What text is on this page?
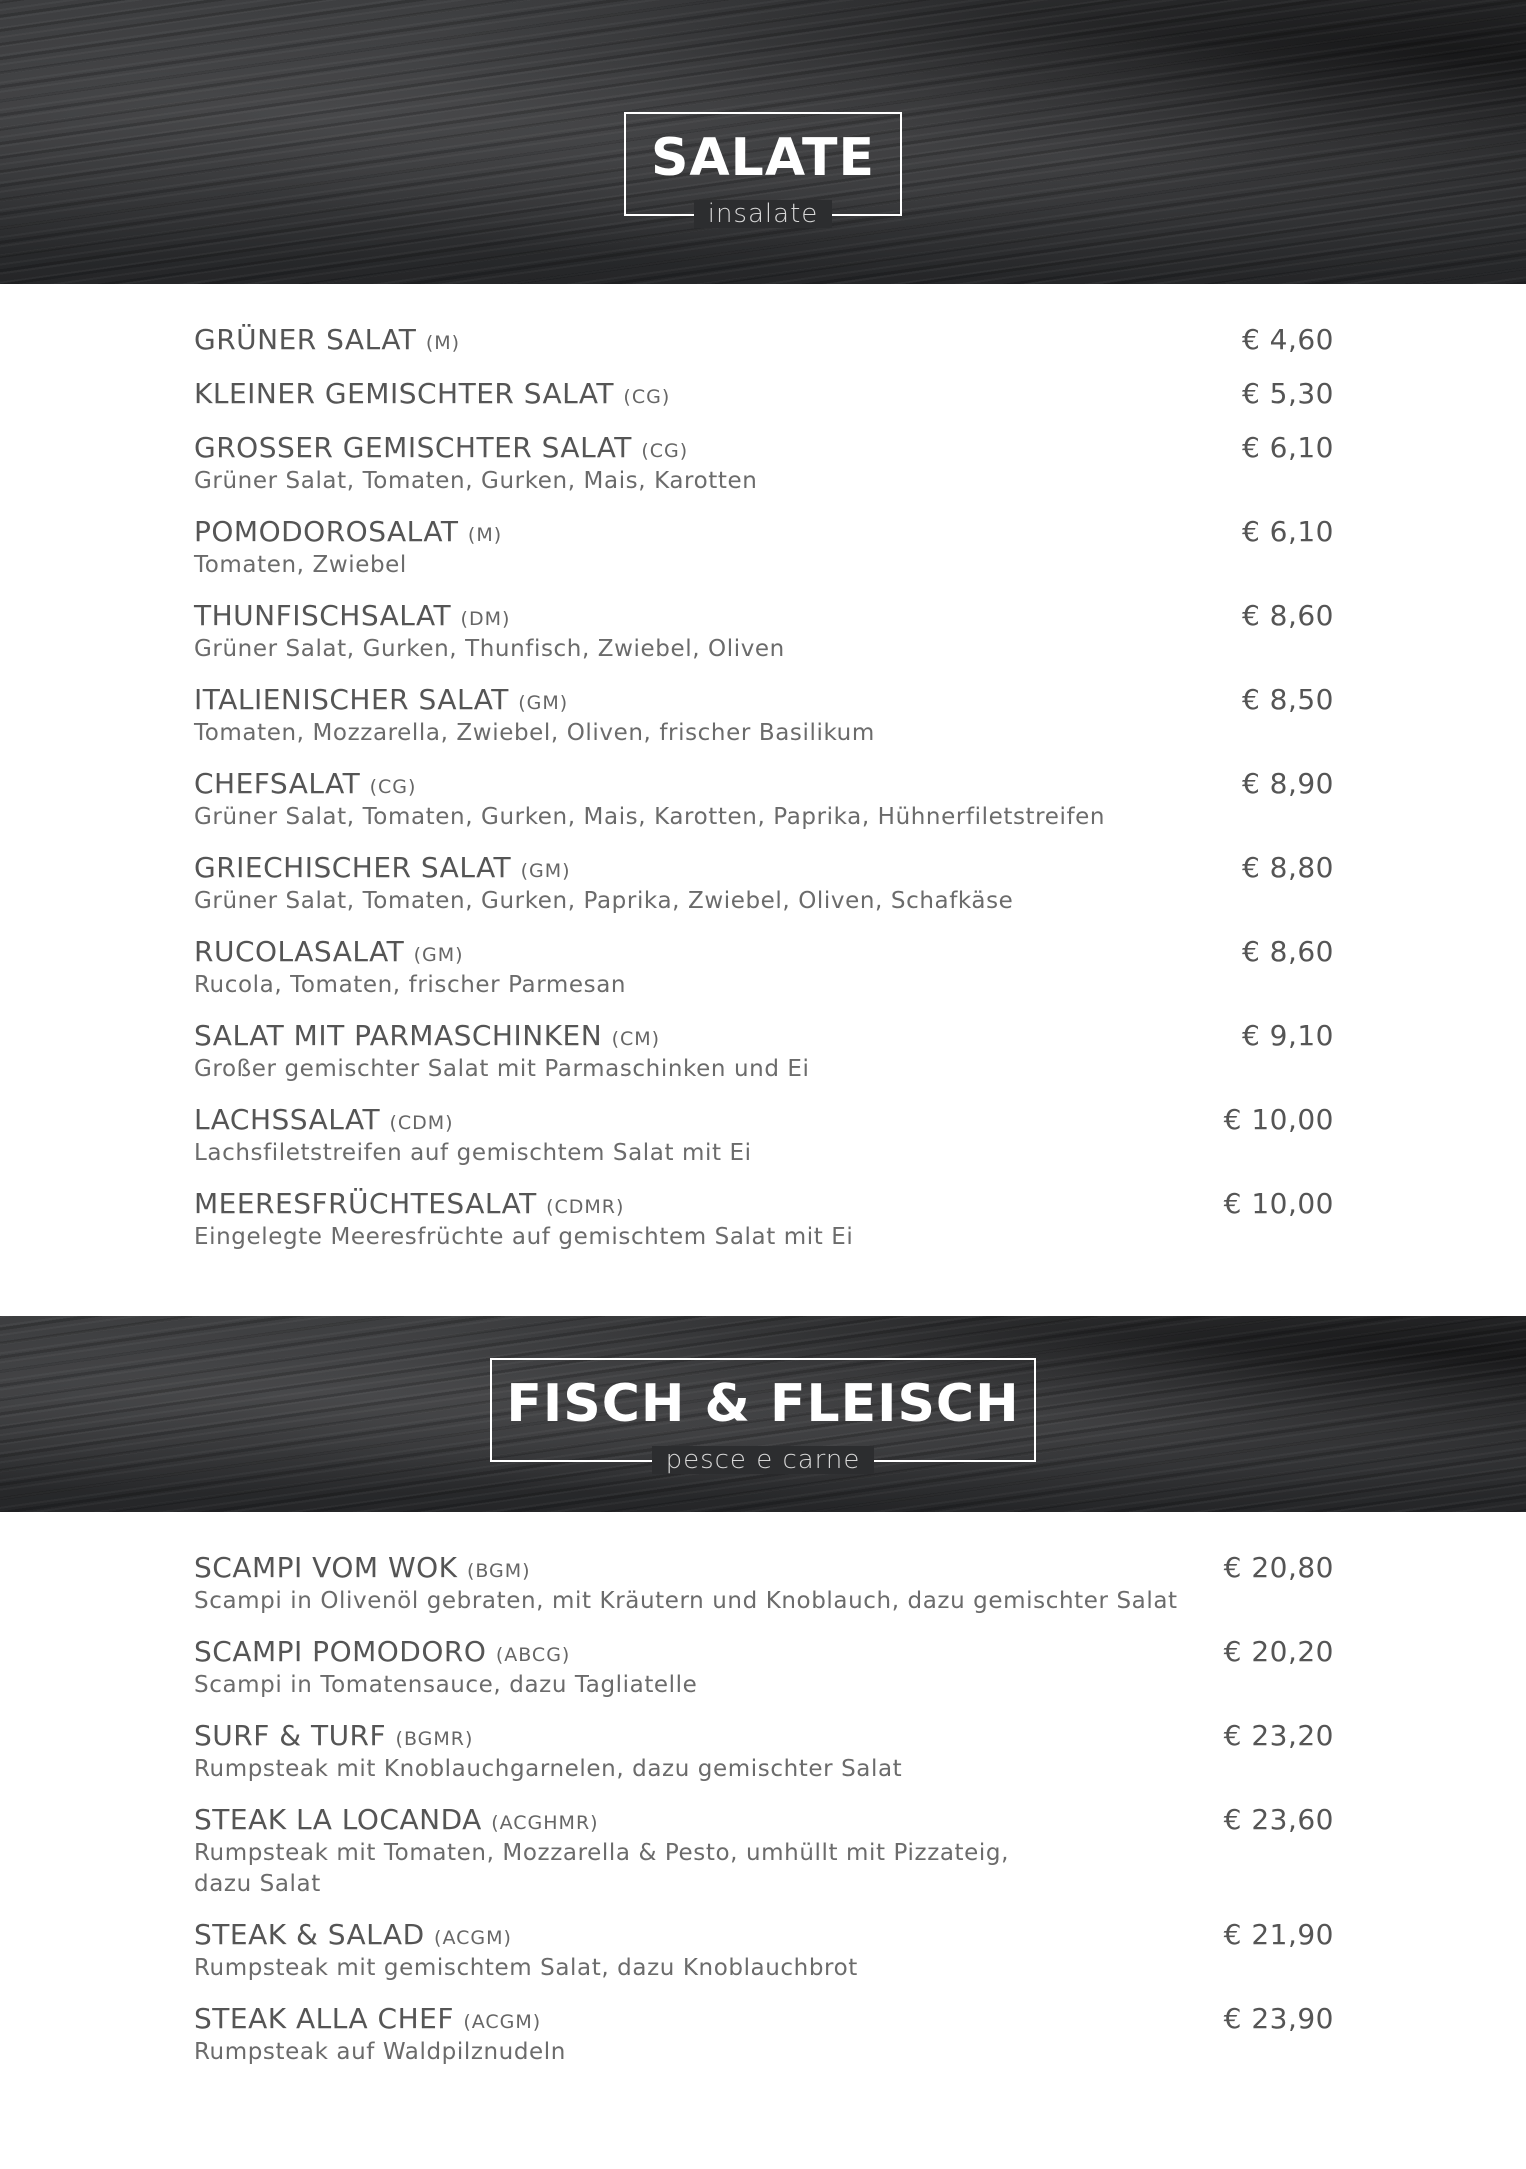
SALATE
insalate
GRÜNER SALAT (M)	€ 4,60
KLEINER GEMISCHTER SALAT (CG)	€ 5,30
GROSSER GEMISCHTER SALAT (CG)	€ 6,10
Grüner Salat, Tomaten, Gurken, Mais, Karotten
POMODOROSALAT (M)	€ 6,10
Tomaten, Zwiebel
THUNFISCHSALAT (DM)	€ 8,60
Grüner Salat, Gurken, Thunfisch, Zwiebel, Oliven
ITALIENISCHER SALAT (GM)	€ 8,50
Tomaten, Mozzarella, Zwiebel, Oliven, frischer Basilikum
CHEFSALAT (CG)	€ 8,90
Grüner Salat, Tomaten, Gurken, Mais, Karotten, Paprika, Hühnerfiletstreifen
GRIECHISCHER SALAT (GM)	€ 8,80
Grüner Salat, Tomaten, Gurken, Paprika, Zwiebel, Oliven, Schafkäse
RUCOLASALAT (GM)	€ 8,60
Rucola, Tomaten, frischer Parmesan
SALAT MIT PARMASCHINKEN (CM)	€ 9,10
Großer gemischter Salat mit Parmaschinken und Ei
LACHSSALAT (CDM)	€ 10,00
Lachsfiletstreifen auf gemischtem Salat mit Ei
MEERESFRÜCHTESALAT (CDMR)	€ 10,00
Eingelegte Meeresfrüchte auf gemischtem Salat mit Ei
FISCH & FLEISCH
pesce e carne
SCAMPI VOM WOK (BGM)	€ 20,80
Scampi in Olivenöl gebraten, mit Kräutern und Knoblauch, dazu gemischter Salat
SCAMPI POMODORO (ABCG)	€ 20,20
Scampi in Tomatensauce, dazu Tagliatelle
SURF & TURF (BGMR)	€ 23,20
Rumpsteak mit Knoblauchgarnelen, dazu gemischter Salat
STEAK LA LOCANDA (ACGHMR)	€ 23,60
Rumpsteak mit Tomaten, Mozzarella & Pesto, umhüllt mit Pizzateig,
dazu Salat
STEAK & SALAD (ACGM)	€ 21,90
Rumpsteak mit gemischtem Salat, dazu Knoblauchbrot
STEAK ALLA CHEF (ACGM)	€ 23,90
Rumpsteak auf Waldpilznudeln
